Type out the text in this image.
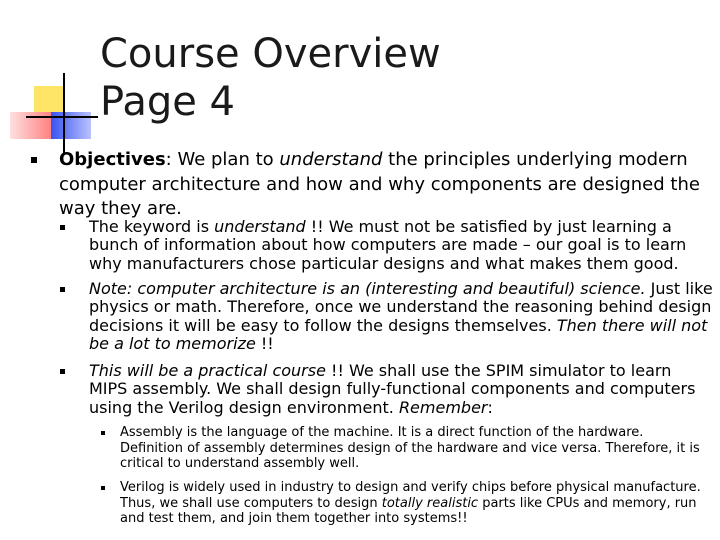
Course Overview
Page 4

Objectives: We plan to understand the principles underlying modern computer architecture and how and why components are designed the way they are.

The keyword is understand !! We must not be satisfied by just learning a bunch of information about how computers are made – our goal is to learn why manufacturers chose particular designs and what makes them good.

Note: computer architecture is an (interesting and beautiful) science. Just like physics or math. Therefore, once we understand the reasoning behind design decisions it will be easy to follow the designs themselves. Then there will not be a lot to memorize !!

This will be a practical course !! We shall use the SPIM simulator to learn MIPS assembly. We shall design fully-functional components and computers using the Verilog design environment. Remember:

Assembly is the language of the machine. It is a direct function of the hardware. Definition of assembly determines design of the hardware and vice versa. Therefore, it is critical to understand assembly well.

Verilog is widely used in industry to design and verify chips before physical manufacture. Thus, we shall use computers to design totally realistic parts like CPUs and memory, run and test them, and join them together into systems!!
